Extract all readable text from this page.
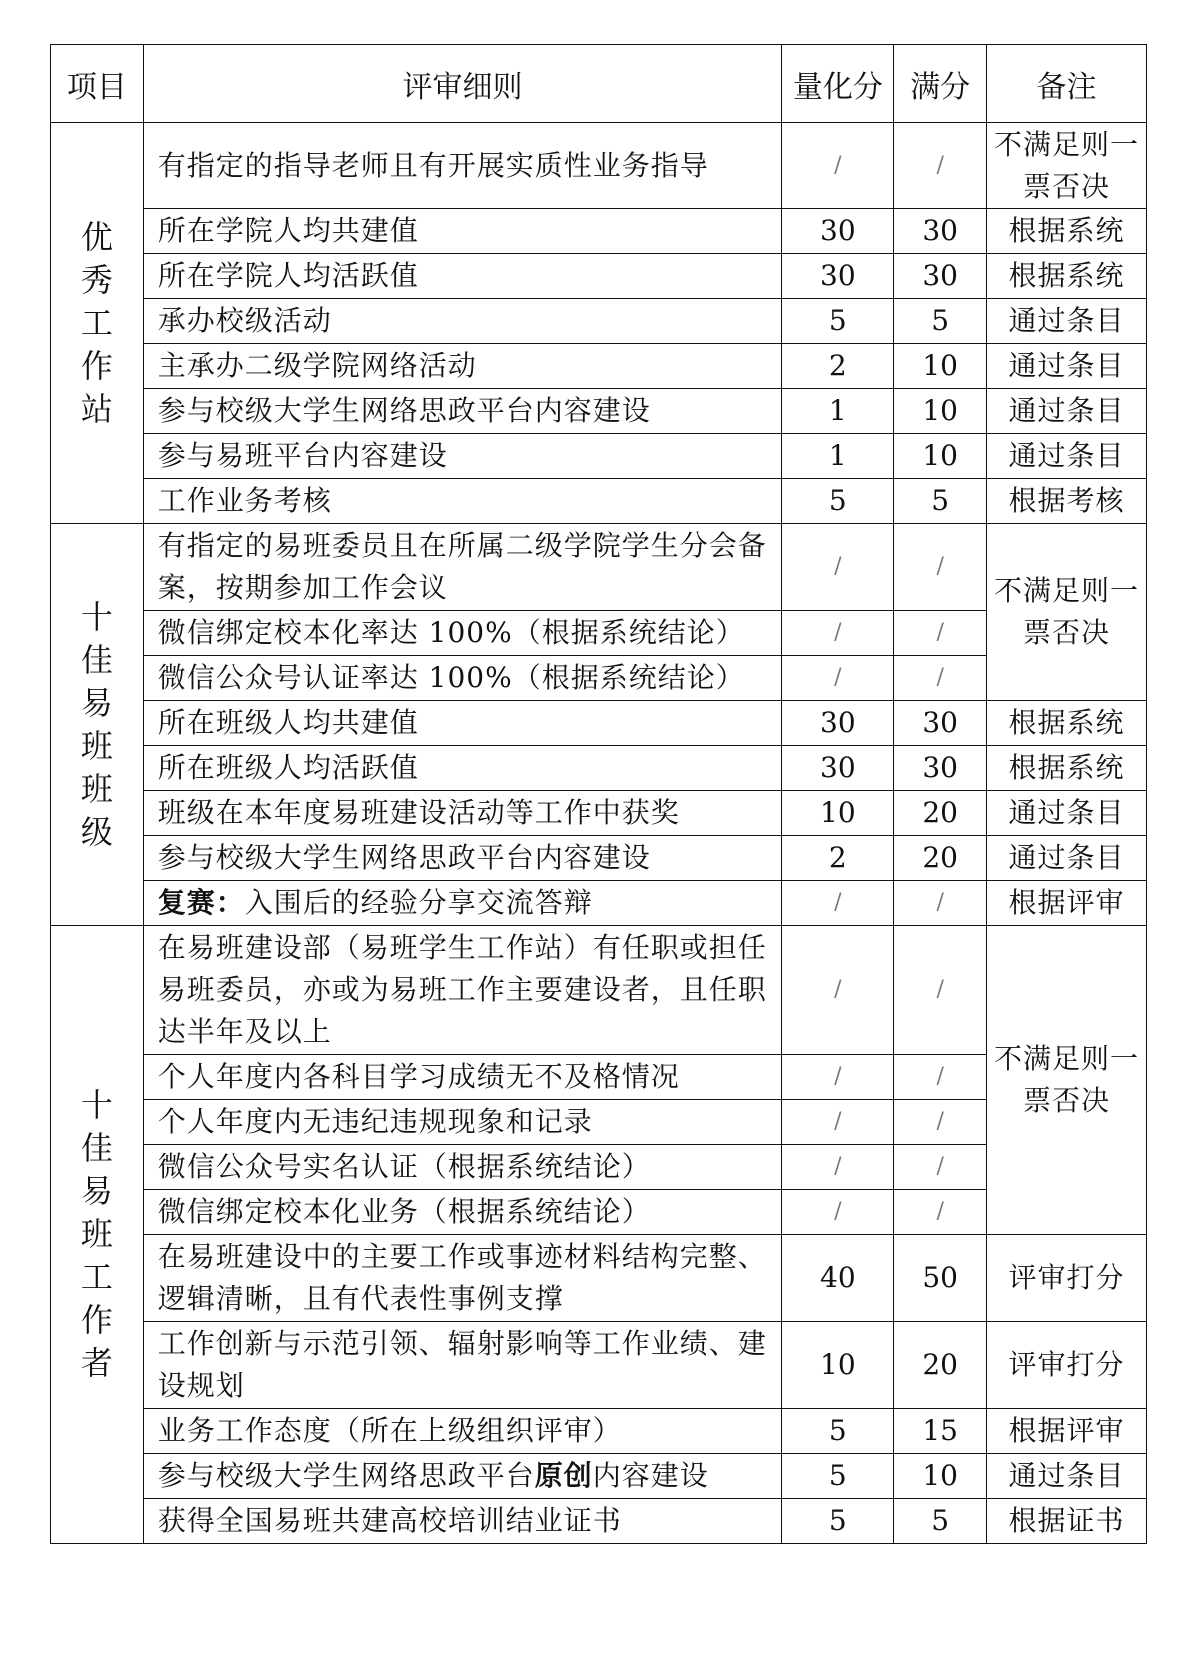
项目	评审细则	量化分	满分	备注
优秀工作站	有指定的指导老师且有开展实质性业务指导	/	/	不满足则一票否决
	所在学院人均共建值	30	30	根据系统
	所在学院人均活跃值	30	30	根据系统
	承办校级活动	5	5	通过条目
	主承办二级学院网络活动	2	10	通过条目
	参与校级大学生网络思政平台内容建设	1	10	通过条目
	参与易班平台内容建设	1	10	通过条目
	工作业务考核	5	5	根据考核
十佳易班班级	有指定的易班委员且在所属二级学院学生分会备案，按期参加工作会议	/	/	不满足则一票否决
	微信绑定校本化率达 100%（根据系统结论）	/	/	
	微信公众号认证率达 100%（根据系统结论）	/	/	
	所在班级人均共建值	30	30	根据系统
	所在班级人均活跃值	30	30	根据系统
	班级在本年度易班建设活动等工作中获奖	10	20	通过条目
	参与校级大学生网络思政平台内容建设	2	20	通过条目
	复赛：入围后的经验分享交流答辩	/	/	根据评审
十佳易班工作者	在易班建设部（易班学生工作站）有任职或担任易班委员，亦或为易班工作主要建设者，且任职达半年及以上	/	/	不满足则一票否决
	个人年度内各科目学习成绩无不及格情况	/	/	
	个人年度内无违纪违规现象和记录	/	/	
	微信公众号实名认证（根据系统结论）	/	/	
	微信绑定校本化业务（根据系统结论）	/	/	
	在易班建设中的主要工作或事迹材料结构完整、逻辑清晰，且有代表性事例支撑	40	50	评审打分
	工作创新与示范引领、辐射影响等工作业绩、建设规划	10	20	评审打分
	业务工作态度（所在上级组织评审）	5	15	根据评审
	参与校级大学生网络思政平台原创内容建设	5	10	通过条目
	获得全国易班共建高校培训结业证书	5	5	根据证书
